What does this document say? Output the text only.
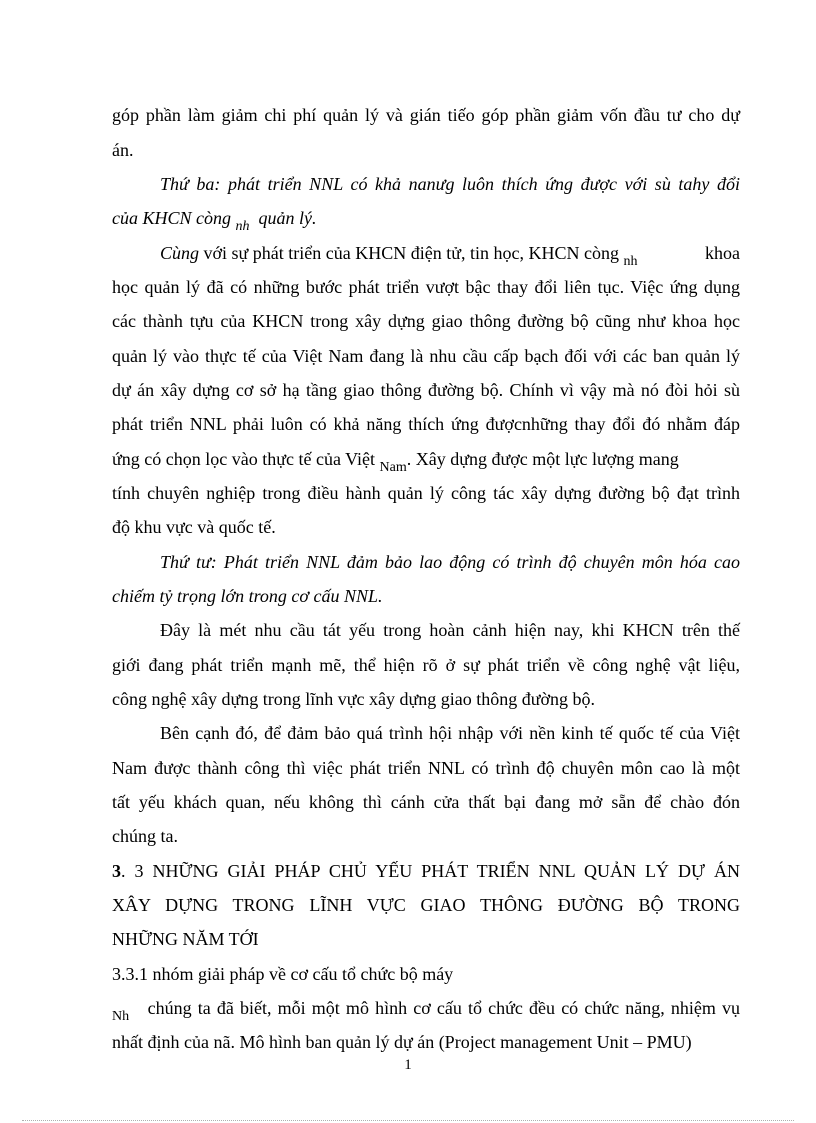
góp phần làm giảm chi phí quản lý và gián tiếo góp phần giảm vốn đầu tư cho dự
án.
Thứ ba: phát triển NNL có khả nanưg luôn thích ứng được với sù tahy đổi
của KHCN còng $_{nh}$ quản lý.
Cùng với sự phát triển của KHCN điện tử, tin học, KHCN còng $_{nh}$	khoa
học quản lý đã có những bước phát triển vượt bậc thay đổi liên tục. Việc ứng dụng
các thành tựu của KHCN trong xây dựng giao thông đường bộ cũng như khoa học
quản lý vào thực tế của Việt Nam đang là nhu cầu cấp bạch đối với các ban quản lý
dự án xây dựng cơ sở hạ tầng giao thông đường bộ. Chính vì vậy mà nó đòi hỏi sù
phát triển NNL phải luôn có khả năng thích ứng đượcnhững thay đổi đó nhằm đáp
ứng có chọn lọc vào thực tế của Việt $_{Nam}$. Xây dựng được một lực lượng mang
tính chuyên nghiệp trong điều hành quản lý công tác xây dựng đường bộ đạt trình
độ khu vực và quốc tế.
Thứ tư: Phát triển NNL đảm bảo lao động có trình độ chuyên môn hóa cao
chiếm tỷ trọng lớn trong cơ cấu NNL.
Đây là mét nhu cầu tát yếu trong hoàn cảnh hiện nay, khi KHCN trên thế
giới đang phát triển mạnh mẽ, thể hiện rõ ở sự phát triển về công nghệ vật liệu,
công nghệ xây dựng trong lĩnh vực xây dựng giao thông đường bộ.
Bên cạnh đó, để đảm bảo quá trình hội nhập với nền kinh tế quốc tế của Việt
Nam được thành công thì việc phát triển NNL có trình độ chuyên môn cao là một
tất yếu khách quan, nếu không thì cánh cửa thất bại đang mở sẵn để chào đón
chúng ta.
3. 3 NHỮNG GIẢI PHÁP CHỦ YẾU PHÁT TRIỂN NNL QUẢN LÝ DỰ ÁN
XÂY DỰNG TRONG LĨNH VỰC GIAO THÔNG ĐƯỜNG BỘ TRONG
NHỮNG NĂM TỚI
3.3.1 nhóm giải pháp về cơ cấu tổ chức bộ máy
$_{Nh}$ chúng ta đã biết, mỗi một mô hình cơ cấu tổ chức đều có chức năng, nhiệm vụ
nhất định của nã. Mô hình ban quản lý dự án (Project management Unit – PMU)
1
